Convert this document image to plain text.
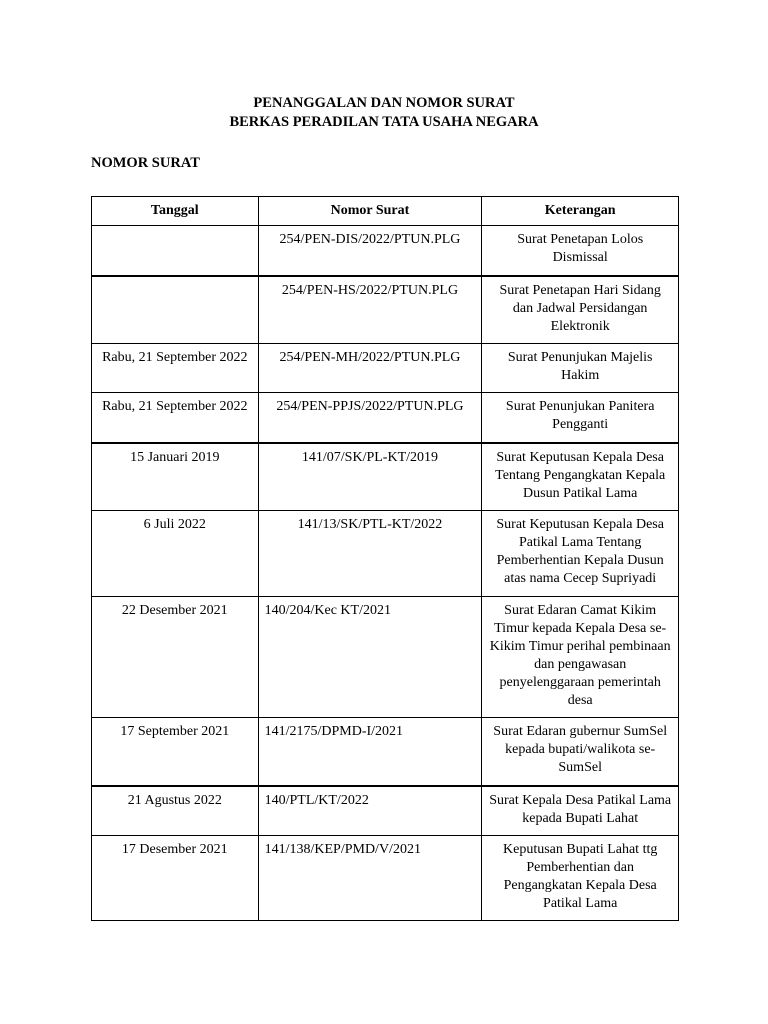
PENANGGALAN DAN NOMOR SURAT
BERKAS PERADILAN TATA USAHA NEGARA
NOMOR SURAT
Tanggal	Nomor Surat	Keterangan
	254/PEN-DIS/2022/PTUN.PLG	Surat Penetapan Lolos Dismissal
	254/PEN-HS/2022/PTUN.PLG	Surat Penetapan Hari Sidang dan Jadwal Persidangan Elektronik
Rabu, 21 September 2022	254/PEN-MH/2022/PTUN.PLG	Surat Penunjukan Majelis Hakim
Rabu, 21 September 2022	254/PEN-PPJS/2022/PTUN.PLG	Surat Penunjukan Panitera Pengganti
15 Januari 2019	141/07/SK/PL-KT/2019	Surat Keputusan Kepala Desa Tentang Pengangkatan Kepala Dusun Patikal Lama
6 Juli 2022	141/13/SK/PTL-KT/2022	Surat Keputusan Kepala Desa Patikal Lama Tentang Pemberhentian Kepala Dusun atas nama Cecep Supriyadi
22 Desember 2021	140/204/Kec KT/2021	Surat Edaran Camat Kikim Timur kepada Kepala Desa se-Kikim Timur perihal pembinaan dan pengawasan penyelenggaraan pemerintah desa
17 September 2021	141/2175/DPMD-I/2021	Surat Edaran gubernur SumSel kepada bupati/walikota se-SumSel
21 Agustus 2022	140/PTL/KT/2022	Surat Kepala Desa Patikal Lama kepada Bupati Lahat
17 Desember 2021	141/138/KEP/PMD/V/2021	Keputusan Bupati Lahat ttg Pemberhentian dan Pengangkatan Kepala Desa Patikal Lama
